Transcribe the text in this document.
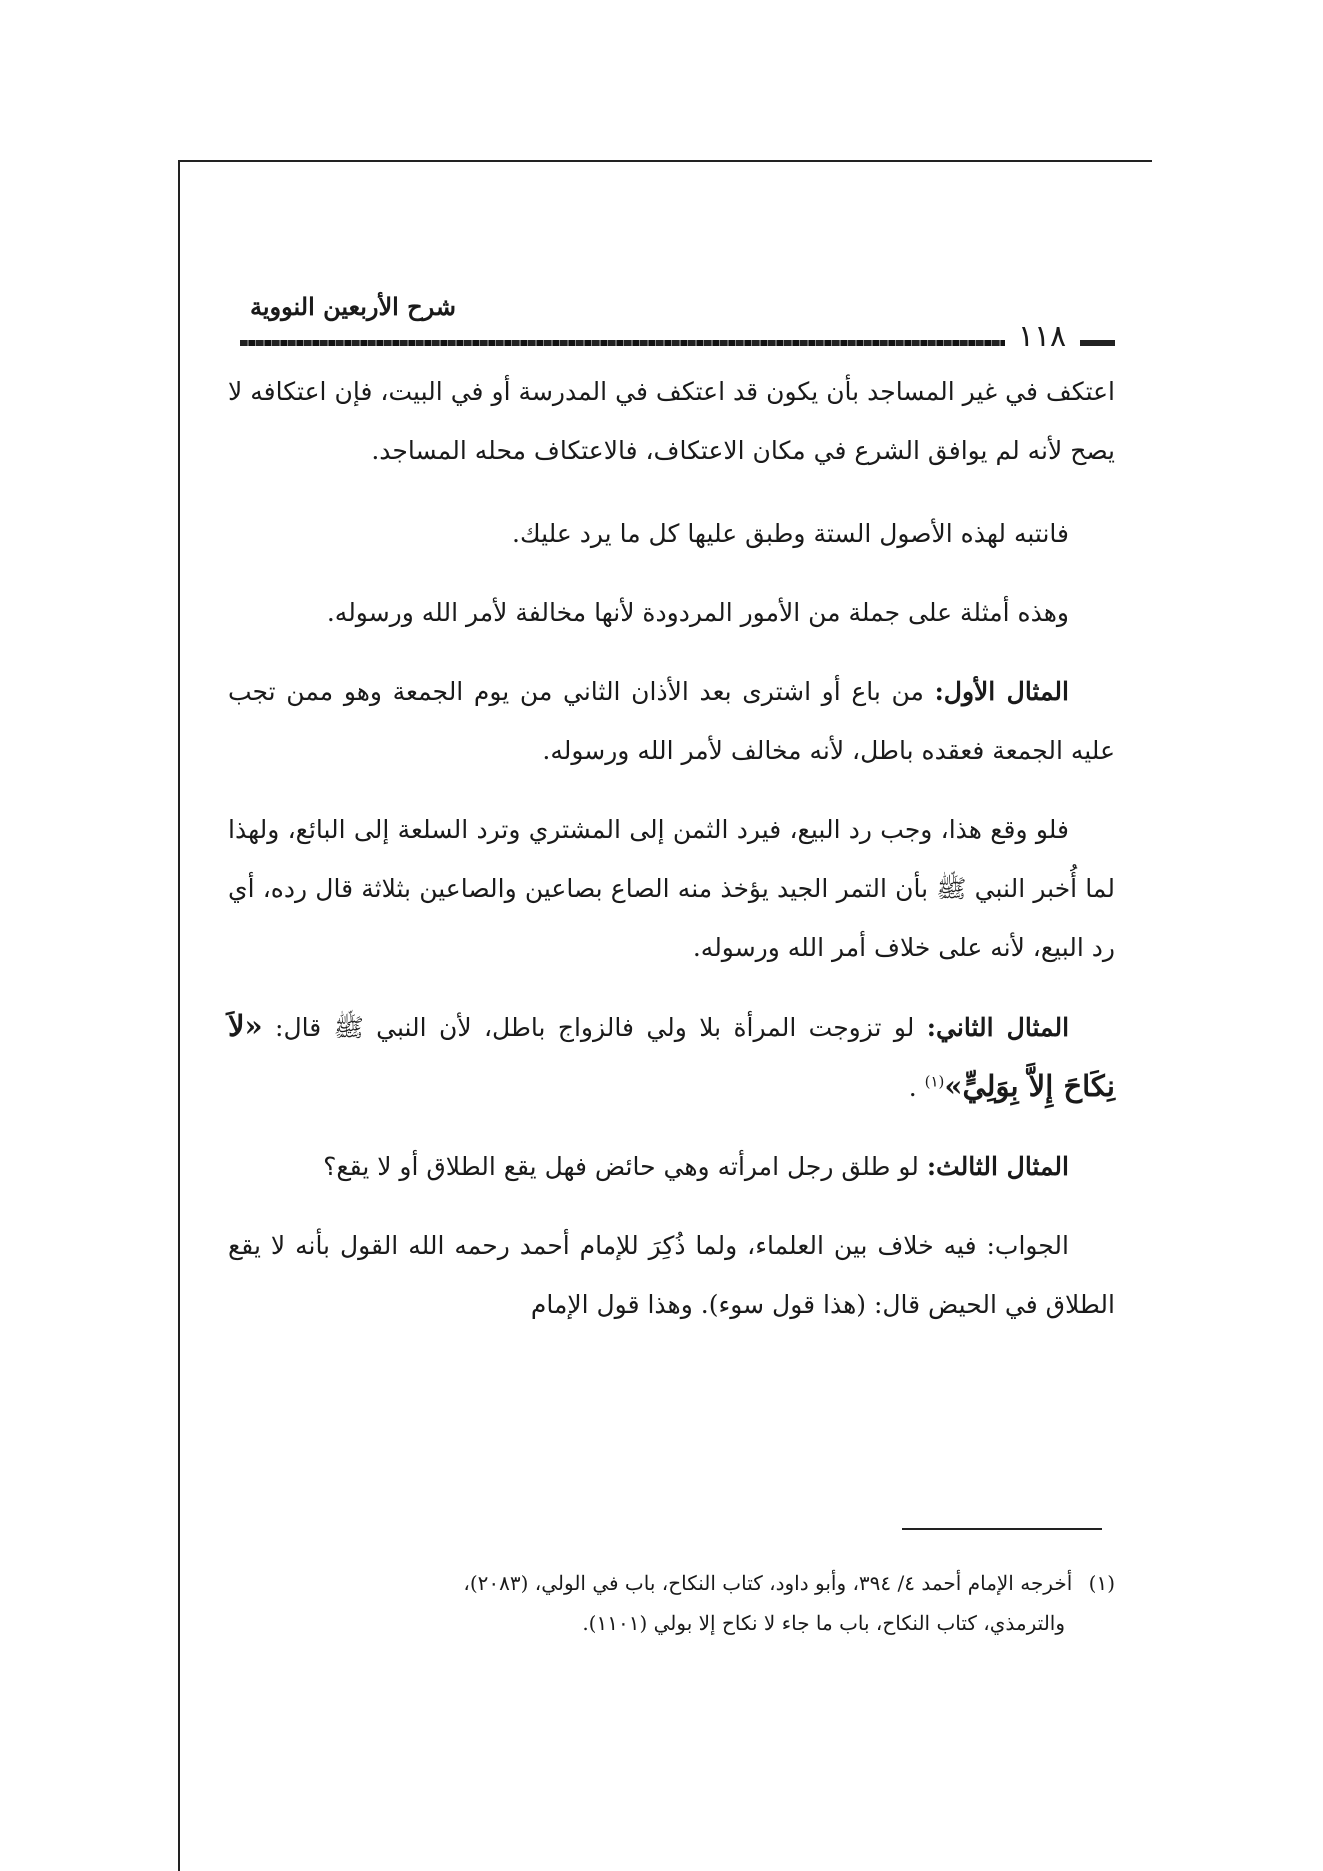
شرح الأربعين النووية
١١٨

اعتكف في غير المساجد بأن يكون قد اعتكف في المدرسة أو في البيت، فإن اعتكافه لا يصح لأنه لم يوافق الشرع في مكان الاعتكاف، فالاعتكاف محله المساجد.

فانتبه لهذه الأصول الستة وطبق عليها كل ما يرد عليك.

وهذه أمثلة على جملة من الأمور المردودة لأنها مخالفة لأمر الله ورسوله.

المثال الأول: من باع أو اشترى بعد الأذان الثاني من يوم الجمعة وهو ممن تجب عليه الجمعة فعقده باطل، لأنه مخالف لأمر الله ورسوله.

فلو وقع هذا، وجب رد البيع، فيرد الثمن إلى المشتري وترد السلعة إلى البائع، ولهذا لما أُخبر النبي ﷺ بأن التمر الجيد يؤخذ منه الصاع بصاعين والصاعين بثلاثة قال رده، أي رد البيع، لأنه على خلاف أمر الله ورسوله.

المثال الثاني: لو تزوجت المرأة بلا ولي فالزواج باطل، لأن النبي ﷺ قال: «لاَ نِكَاحَ إِلاَّ بِوَلِيٍّ»$^{(١)}$ .

المثال الثالث: لو طلق رجل امرأته وهي حائض فهل يقع الطلاق أو لا يقع؟

الجواب: فيه خلاف بين العلماء، ولما ذُكِرَ للإمام أحمد رحمه الله القول بأنه لا يقع الطلاق في الحيض قال: (هذا قول سوء). وهذا قول الإمام

(١) أخرجه الإمام أحمد ٤/ ٣٩٤، وأبو داود، كتاب النكاح، باب في الولي، (٢٠٨٣)،
والترمذي، كتاب النكاح، باب ما جاء لا نكاح إلا بولي (١١٠١).
